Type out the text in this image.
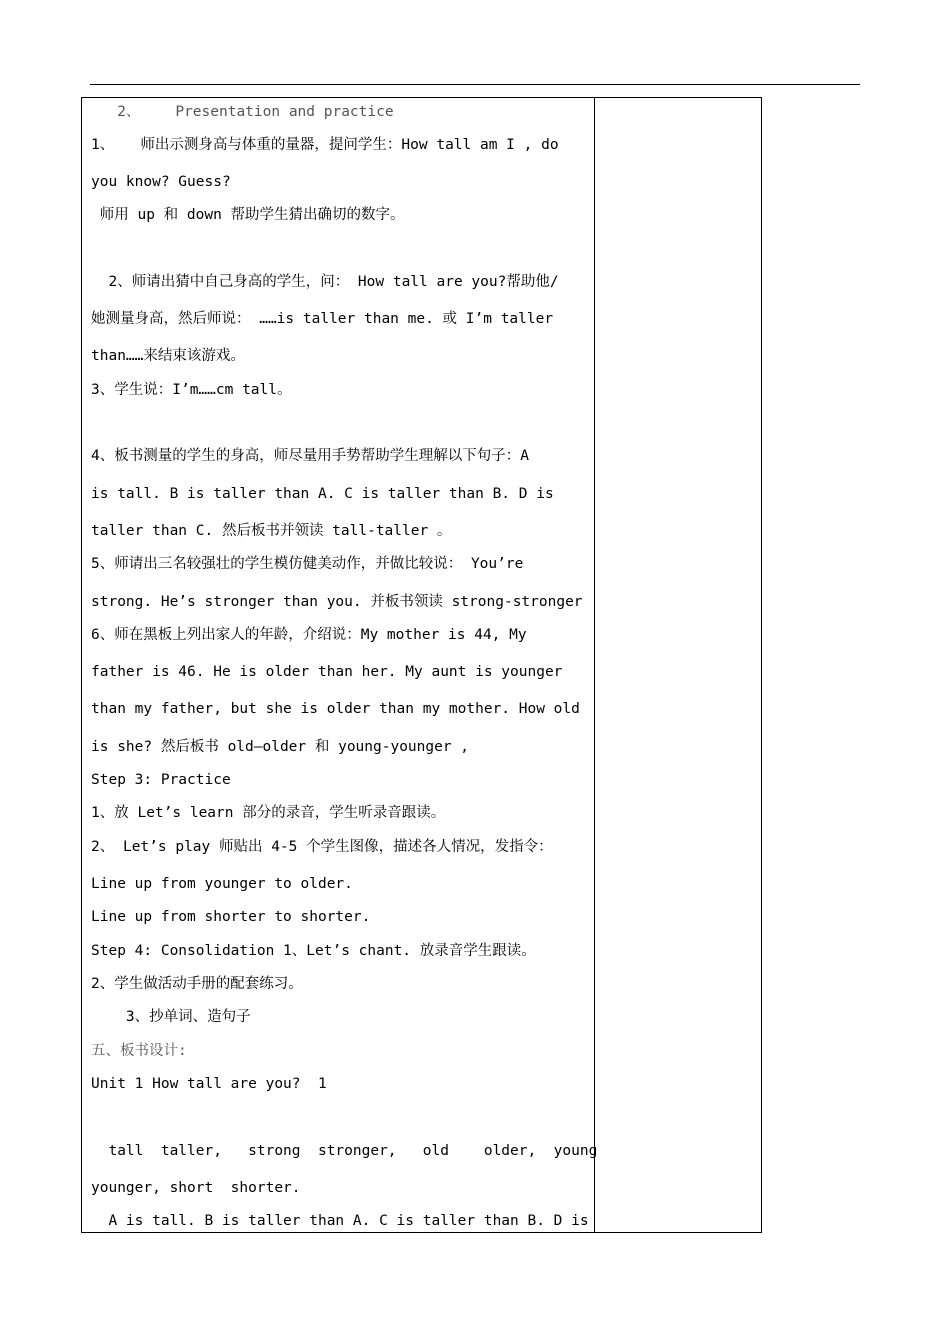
2、    Presentation and practice
1、   师出示测身高与体重的量器，提问学生：How tall am I , do
you know? Guess?
师用 up 和 down 帮助学生猜出确切的数字。
2、师请出猜中自己身高的学生，问： How tall are you?帮助他/
她测量身高，然后师说： ……is taller than me. 或 I’m taller
than……来结束该游戏。
3、学生说：I’m……cm tall。
4、板书测量的学生的身高，师尽量用手势帮助学生理解以下句子：A
is tall. B is taller than A. C is taller than B. D is
taller than C. 然后板书并领读 tall-taller 。
5、师请出三名较强壮的学生模仿健美动作，并做比较说： You’re
strong. He’s stronger than you. 并板书领读 strong-stronger
6、师在黑板上列出家人的年龄，介绍说：My mother is 44, My
father is 46. He is older than her. My aunt is younger
than my father, but she is older than my mother. How old
is she? 然后板书 old—older 和 young-younger ,
Step 3: Practice
1、放 Let’s learn 部分的录音，学生听录音跟读。
2、 Let’s play 师贴出 4-5 个学生图像，描述各人情况，发指令：
Line up from younger to older.
Line up from shorter to shorter.
Step 4: Consolidation 1、Let’s chant. 放录音学生跟读。
2、学生做活动手册的配套练习。
3、抄单词、造句子
五、板书设计:
Unit 1 How tall are you?  1
tall  taller,   strong  stronger,   old    older,  young
younger, short  shorter.
A is tall. B is taller than A. C is taller than B. D is
